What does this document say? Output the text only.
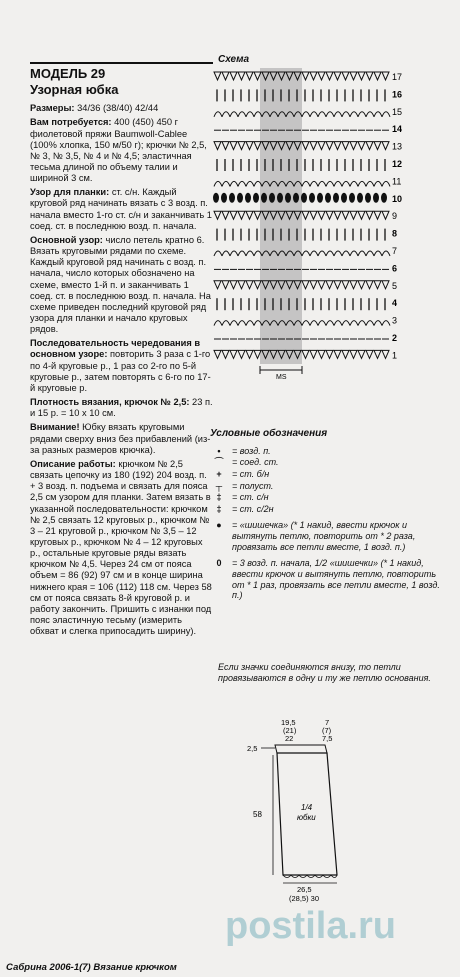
МОДЕЛЬ 29
Узорная юбка

Размеры: 34/36 (38/40) 42/44

Вам потребуется: 400 (450) 450 г фиолетовой пряжи Baumwoll-Cablee (100% хлопка, 150 м/50 г); крючки № 2,5, № 3, № 3,5, № 4 и № 4,5; эластичная тесьма длиной по объему талии и шириной 3 см.

Узор для планки: ст. с/н. Каждый круговой ряд начинать вязать с 3 возд. п. начала вместо 1-го ст. с/н и заканчивать 1 соед. ст. в последнюю возд. п. начала.

Основной узор: число петель кратно 6. Вязать круговыми рядами по схеме. Каждый круговой ряд начинать с возд. п. начала, число которых обозначено на схеме, вместо 1-й п. и заканчивать 1 соед. ст. в последнюю возд. п. начала. На схеме приведен последний круговой ряд узора для планки и начало круговых рядов.

Последовательность чередования в основном узоре: повторить 3 раза с 1-го по 4-й круговые р., 1 раз со 2-го по 5-й круговые р., затем повторять с 6-го по 17-й круговые р.

Плотность вязания, крючок № 2,5: 23 п. и 15 р. = 10 х 10 см.

Внимание! Юбку вязать круговыми рядами сверху вниз без прибавлений (из-за разных размеров крючка).

Описание работы: крючком № 2,5 связать цепочку из 180 (192) 204 возд. п. + 3 возд. п. подъема и связать для пояса 2,5 см узором для планки. Затем вязать в указанной последовательности: крючком № 2,5 связать 12 круговых р., крючком № 3 – 21 круговой р., крючком № 3,5 – 12 круговых р., крючком № 4 – 12 круговых р., остальные круговые ряды вязать крючком № 4,5. Через 24 см от пояса объем = 86 (92) 97 см и в конце ширина нижнего края = 106 (112) 118 см. Через 58 см от пояса связать 8-й круговой р. и работу закончить. Пришить с изнанки под пояс эластичную тесьму (измерить обхват и слегка припосадить ширину).

Схема
MS
17
16
15
14
13
12
11
10
9
8
7
6
5
4
3
2
1
Условные обозначения
•	= возд. п.
⌒ = соед. ст.
+	= ст. б/н
┬	= полуст.
‡	= ст. с/н
‡	= ст. с/2н
●	= «шишечка» (* 1 накид, ввести крючок и вытянуть петлю, повторить от * 2 раза, провязать все петли вместе, 1 возд. п.)
0	= 3 возд. п. начала, 1/2 «шишечки» (* 1 накид, ввести крючок и вытянуть петлю, повторить от * 1 раз, провязать все петли вместе, 1 возд. п.)
Если значки соединяются внизу, то петли провязываются в одну и ту же петлю основания.
19,5
(21)
22
7
(7)
7,5
2,5
58
1/4
юбки
26,5
(28,5) 30
postila.ru
Сабрина 2006-1(7) Вязание крючком
